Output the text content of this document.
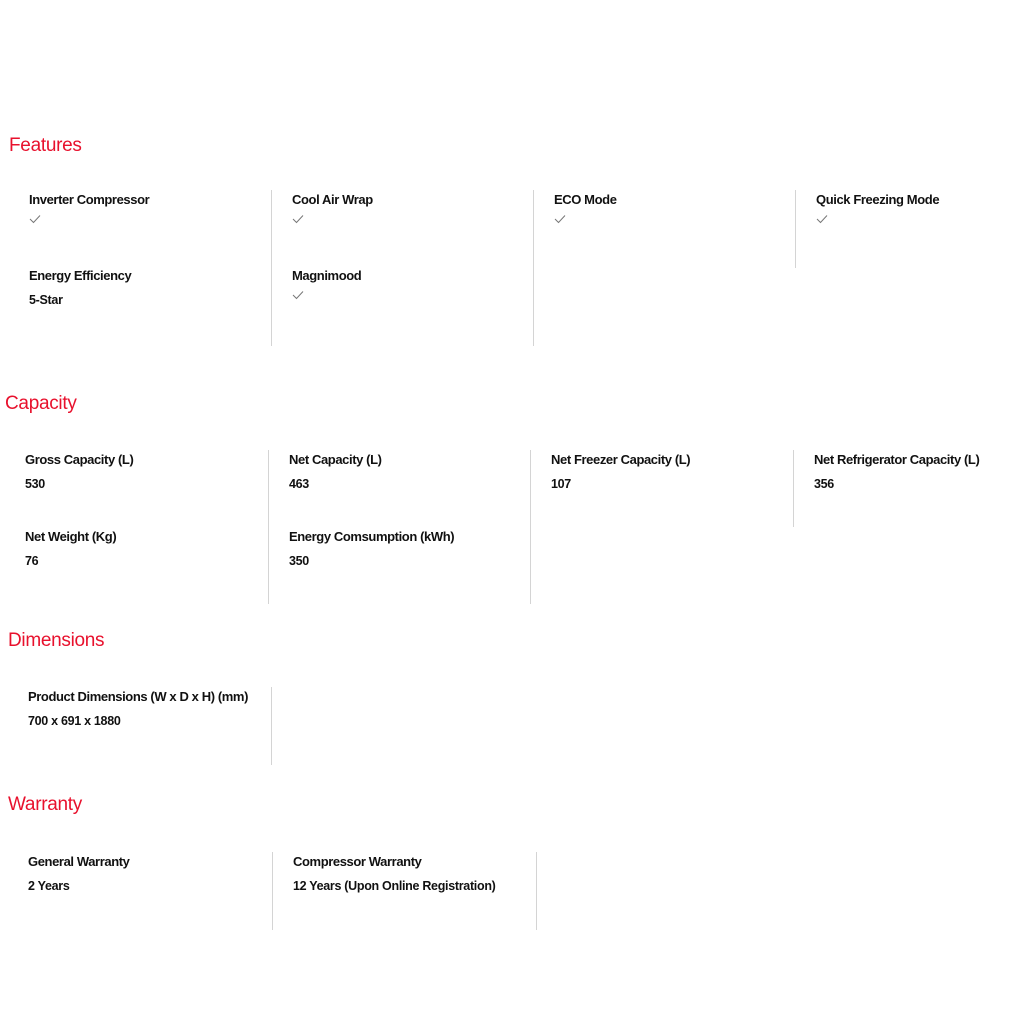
Features
Inverter Compressor
Energy Efficiency
5-Star
Cool Air Wrap
Magnimood
ECO Mode	Quick Freezing Mode
Capacity
Gross Capacity (L)
530
Net Weight (Kg)
76
Net Capacity (L)
463
Energy Comsumption (kWh)
350
Net Freezer Capacity (L)
107
Net Refrigerator Capacity (L)
356
Dimensions
Product Dimensions (W x D x H) (mm)
700 x 691 x 1880
Warranty
General Warranty
2 Years
Compressor Warranty
12 Years (Upon Online Registration)
